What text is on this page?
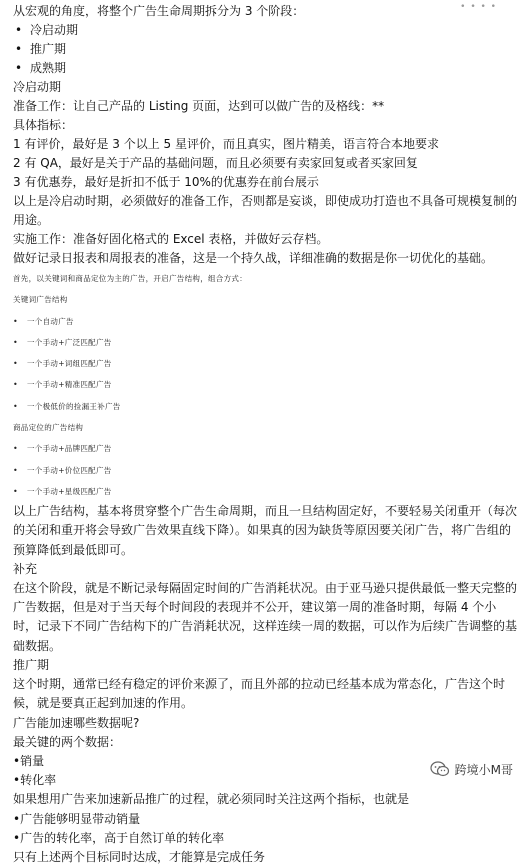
• • • •
从宏观的角度，将整个广告生命周期拆分为 3 个阶段：
• 冷启动期
• 推广期
• 成熟期
冷启动期
准备工作：让自己产品的 Listing 页面，达到可以做广告的及格线：**
具体指标：
1 有评价，最好是 3 个以上 5 星评价，而且真实，图片精美，语言符合本地要求
2 有 QA，最好是关于产品的基础问题，而且必须要有卖家回复或者买家回复
3 有优惠券，最好是折扣不低于 10%的优惠券在前台展示
以上是冷启动时期，必须做好的准备工作，否则都是妄谈，即使成功打造也不具备可规模复制的用途。
实施工作：准备好固化格式的 Excel 表格，并做好云存档。
做好记录日报表和周报表的准备，这是一个持久战，详细准确的数据是你一切优化的基础。
首先，以关键词和商品定位为主的广告，开启广告结构，组合方式：
关键词广告结构
• 一个自动广告
• 一个手动+广泛匹配广告
• 一个手动+词组匹配广告
• 一个手动+精准匹配广告
• 一个极低价的捡漏王补广告
商品定位的广告结构
• 一个手动+品牌匹配广告
• 一个手动+价位匹配广告
• 一个手动+星级匹配广告
以上广告结构，基本将贯穿整个广告生命周期，而且一旦结构固定好，不要轻易关闭重开（每次的关闭和重开将会导致广告效果直线下降）。如果真的因为缺货等原因要关闭广告，将广告组的预算降低到最低即可。
补充
在这个阶段，就是不断记录每隔固定时间的广告消耗状况。由于亚马逊只提供最低一整天完整的广告数据，但是对于当天每个时间段的表现并不公开，建议第一周的准备时期，每隔 4 个小时，记录下不同广告结构下的广告消耗状况，这样连续一周的数据，可以作为后续广告调整的基础数据。
推广期
这个时期，通常已经有稳定的评价来源了，而且外部的拉动已经基本成为常态化，广告这个时候，就是要真正起到加速的作用。
广告能加速哪些数据呢?
最关键的两个数据：
•销量
•转化率
如果想用广告来加速新品推广的过程，就必须同时关注这两个指标，也就是
•广告能够明显带动销量
•广告的转化率，高于自然订单的转化率
只有上述两个目标同时达成，才能算是完成任务
跨境小M哥
